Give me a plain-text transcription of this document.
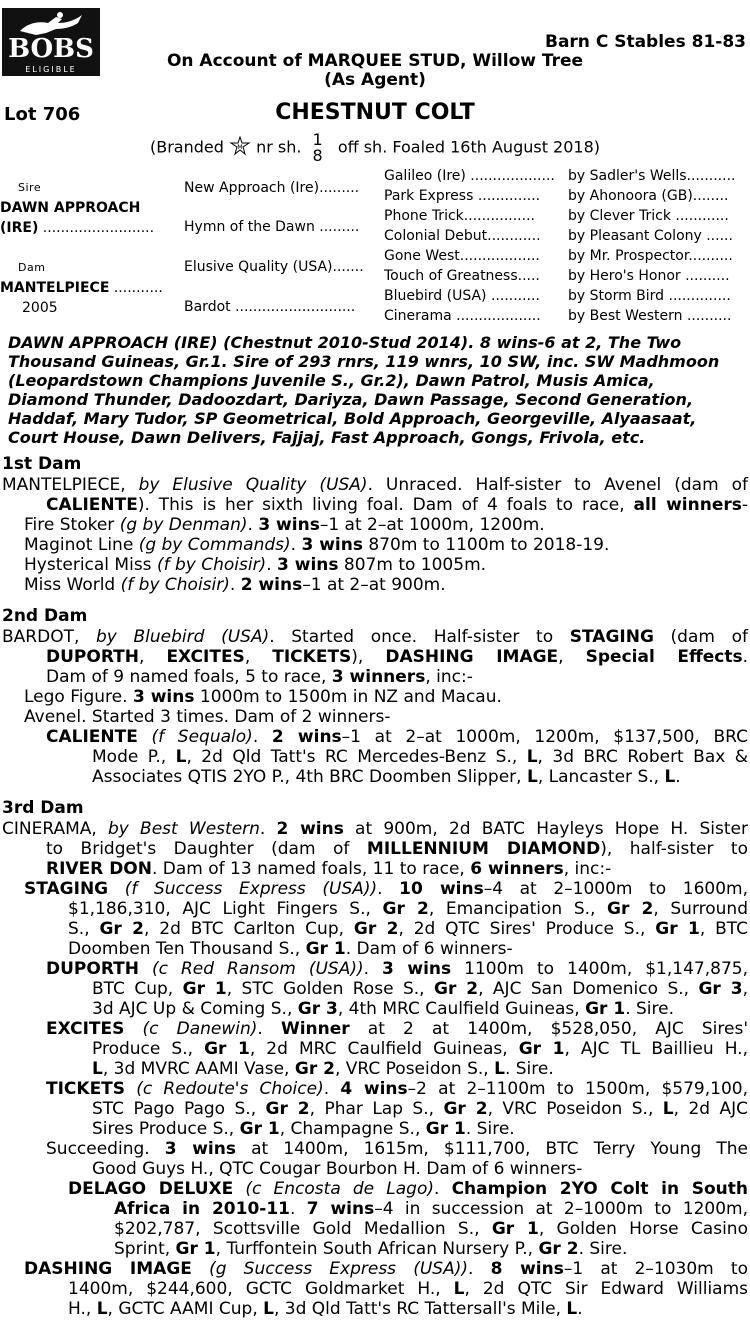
BOBS
ELIGIBLE
Barn C Stables 81-83
On Account of MARQUEE STUD, Willow Tree
(As Agent)
Lot 706	CHESTNUT COLT
(Branded M nr sh. 1
8 off sh. Foaled 16th August 2018)
Sire
DAWN APPROACH
(IRE) .........................
Dam
MANTELPIECE ...........
2005
New Approach (Ire).........
Hymn of the Dawn .........
Elusive Quality (USA).......
Bardot ...........................
Galileo (Ire) ...................
Park Express ..............
Phone Trick................
Colonial Debut............
Gone West..................
Touch of Greatness.....
Bluebird (USA) ...........
Cinerama ...................
by Sadler's Wells...........
by Ahonoora (GB)........
by Clever Trick ............
by Pleasant Colony ......
by Mr. Prospector..........
by Hero's Honor ..........
by Storm Bird ..............
by Best Western ..........
DAWN APPROACH (IRE) (Chestnut 2010-Stud 2014). 8 wins-6 at 2, The Two
Thousand Guineas, Gr.1. Sire of 293 rnrs, 119 wnrs, 10 SW, inc. SW Madhmoon
(Leopardstown Champions Juvenile S., Gr.2), Dawn Patrol, Musis Amica,
Diamond Thunder, Dadoozdart, Dariyza, Dawn Passage, Second Generation,
Haddaf, Mary Tudor, SP Geometrical, Bold Approach, Georgeville, Alyaasaat,
Court House, Dawn Delivers, Fajjaj, Fast Approach, Gongs, Frivola, etc.
1st Dam
MANTELPIECE, by Elusive Quality (USA). Unraced. Half-sister to Avenel (dam of
CALIENTE). This is her sixth living foal. Dam of 4 foals to race, all winners-
Fire Stoker (g by Denman). 3 wins–1 at 2–at 1000m, 1200m.
Maginot Line (g by Commands). 3 wins 870m to 1100m to 2018-19.
Hysterical Miss (f by Choisir). 3 wins 807m to 1005m.
Miss World (f by Choisir). 2 wins–1 at 2–at 900m.
2nd Dam
BARDOT, by Bluebird (USA). Started once. Half-sister to STAGING (dam of
DUPORTH, EXCITES, TICKETS), DASHING IMAGE, Special Effects.
Dam of 9 named foals, 5 to race, 3 winners, inc:-
Lego Figure. 3 wins 1000m to 1500m in NZ and Macau.
Avenel. Started 3 times. Dam of 2 winners-
CALIENTE (f Sequalo). 2 wins–1 at 2–at 1000m, 1200m, $137,500, BRC
Mode P., L, 2d Qld Tatt's RC Mercedes-Benz S., L, 3d BRC Robert Bax &
Associates QTIS 2YO P., 4th BRC Doomben Slipper, L, Lancaster S., L.
3rd Dam
CINERAMA, by Best Western. 2 wins at 900m, 2d BATC Hayleys Hope H. Sister
to Bridget's Daughter (dam of MILLENNIUM DIAMOND), half-sister to
RIVER DON. Dam of 13 named foals, 11 to race, 6 winners, inc:-
STAGING (f Success Express (USA)). 10 wins–4 at 2–1000m to 1600m,
$1,186,310, AJC Light Fingers S., Gr 2, Emancipation S., Gr 2, Surround
S., Gr 2, 2d BTC Carlton Cup, Gr 2, 2d QTC Sires' Produce S., Gr 1, BTC
Doomben Ten Thousand S., Gr 1. Dam of 6 winners-
DUPORTH (c Red Ransom (USA)). 3 wins 1100m to 1400m, $1,147,875,
BTC Cup, Gr 1, STC Golden Rose S., Gr 2, AJC San Domenico S., Gr 3,
3d AJC Up & Coming S., Gr 3, 4th MRC Caulfield Guineas, Gr 1. Sire.
EXCITES (c Danewin). Winner at 2 at 1400m, $528,050, AJC Sires'
Produce S., Gr 1, 2d MRC Caulfield Guineas, Gr 1, AJC TL Baillieu H.,
L, 3d MVRC AAMI Vase, Gr 2, VRC Poseidon S., L. Sire.
TICKETS (c Redoute's Choice). 4 wins–2 at 2–1100m to 1500m, $579,100,
STC Pago Pago S., Gr 2, Phar Lap S., Gr 2, VRC Poseidon S., L, 2d AJC
Sires Produce S., Gr 1, Champagne S., Gr 1. Sire.
Succeeding. 3 wins at 1400m, 1615m, $111,700, BTC Terry Young The
Good Guys H., QTC Cougar Bourbon H. Dam of 6 winners-
DELAGO DELUXE (c Encosta de Lago). Champion 2YO Colt in South
Africa in 2010-11. 7 wins–4 in succession at 2–1000m to 1200m,
$202,787, Scottsville Gold Medallion S., Gr 1, Golden Horse Casino
Sprint, Gr 1, Turffontein South African Nursery P., Gr 2. Sire.
DASHING IMAGE (g Success Express (USA)). 8 wins–1 at 2–1030m to
1400m, $244,600, GCTC Goldmarket H., L, 2d QTC Sir Edward Williams
H., L, GCTC AAMI Cup, L, 3d Qld Tatt's RC Tattersall's Mile, L.
